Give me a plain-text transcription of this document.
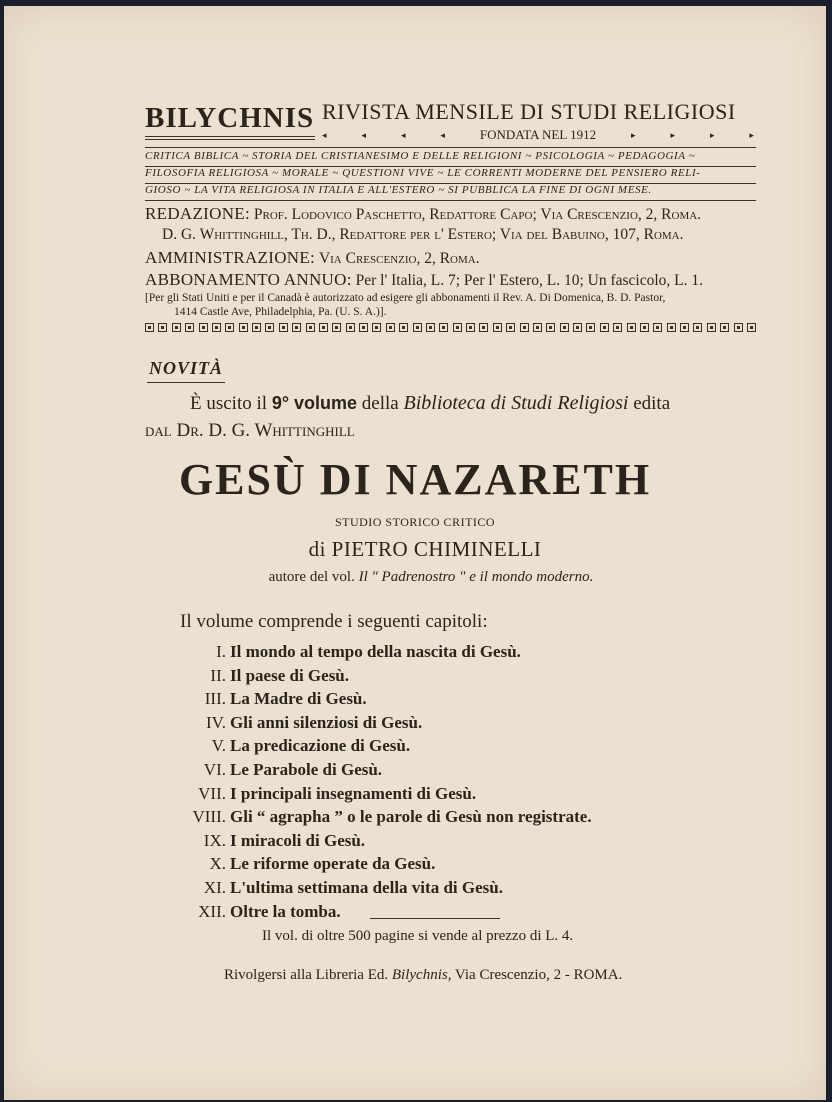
BILYCHNIS RIVISTA MENSILE DI STUDI RELIGIOSI
◂	◂	◂	◂	FONDATA NEL 1912	▸	▸	▸	▸
CRITICA BIBLICA ~ STORIA DEL CRISTIANESIMO E DELLE RELIGIONI ~ PSICOLOGIA ~ PEDAGOGIA ~
FILOSOFIA RELIGIOSA ~ MORALE ~ QUESTIONI VIVE ~ LE CORRENTI MODERNE DEL PENSIERO RELI-
GIOSO ~ LA VITA RELIGIOSA IN ITALIA E ALL'ESTERO ~ SI PUBBLICA LA FINE DI OGNI MESE.
REDAZIONE: Prof. Lodovico Paschetto, Redattore Capo; Via Crescenzio, 2, Roma.
D. G. Whittinghill, Th. D., Redattore per l' Estero; Via del Babuino, 107, Roma.
AMMINISTRAZIONE: Via Crescenzio, 2, Roma.
ABBONAMENTO ANNUO: Per l' Italia, L. 7; Per l' Estero, L. 10; Un fascicolo, L. 1.
[Per gli Stati Uniti e per il Canadà è autorizzato ad esigere gli abbonamenti il Rev. A. Di Domenica, B. D. Pastor,
1414 Castle Ave, Philadelphia, Pa. (U. S. A.)].
NOVITÀ
È uscito il 9° volume della Biblioteca di Studi Religiosi edita
dal Dr. D. G. Whittinghill
GESÙ DI NAZARETH
STUDIO STORICO CRITICO
di PIETRO CHIMINELLI
autore del vol. Il " Padrenostro " e il mondo moderno.
Il volume comprende i seguenti capitoli:
I. Il mondo al tempo della nascita di Gesù.
II. Il paese di Gesù.
III. La Madre di Gesù.
IV. Gli anni silenziosi di Gesù.
V. La predicazione di Gesù.
VI. Le Parabole di Gesù.
VII. I principali insegnamenti di Gesù.
VIII. Gli “ agrapha ” o le parole di Gesù non registrate.
IX. I miracoli di Gesù.
X. Le riforme operate da Gesù.
XI. L'ultima settimana della vita di Gesù.
XII. Oltre la tomba.
Il vol. di oltre 500 pagine si vende al prezzo di L. 4.
Rivolgersi alla Libreria Ed. Bilychnis, Via Crescenzio, 2 - ROMA.
